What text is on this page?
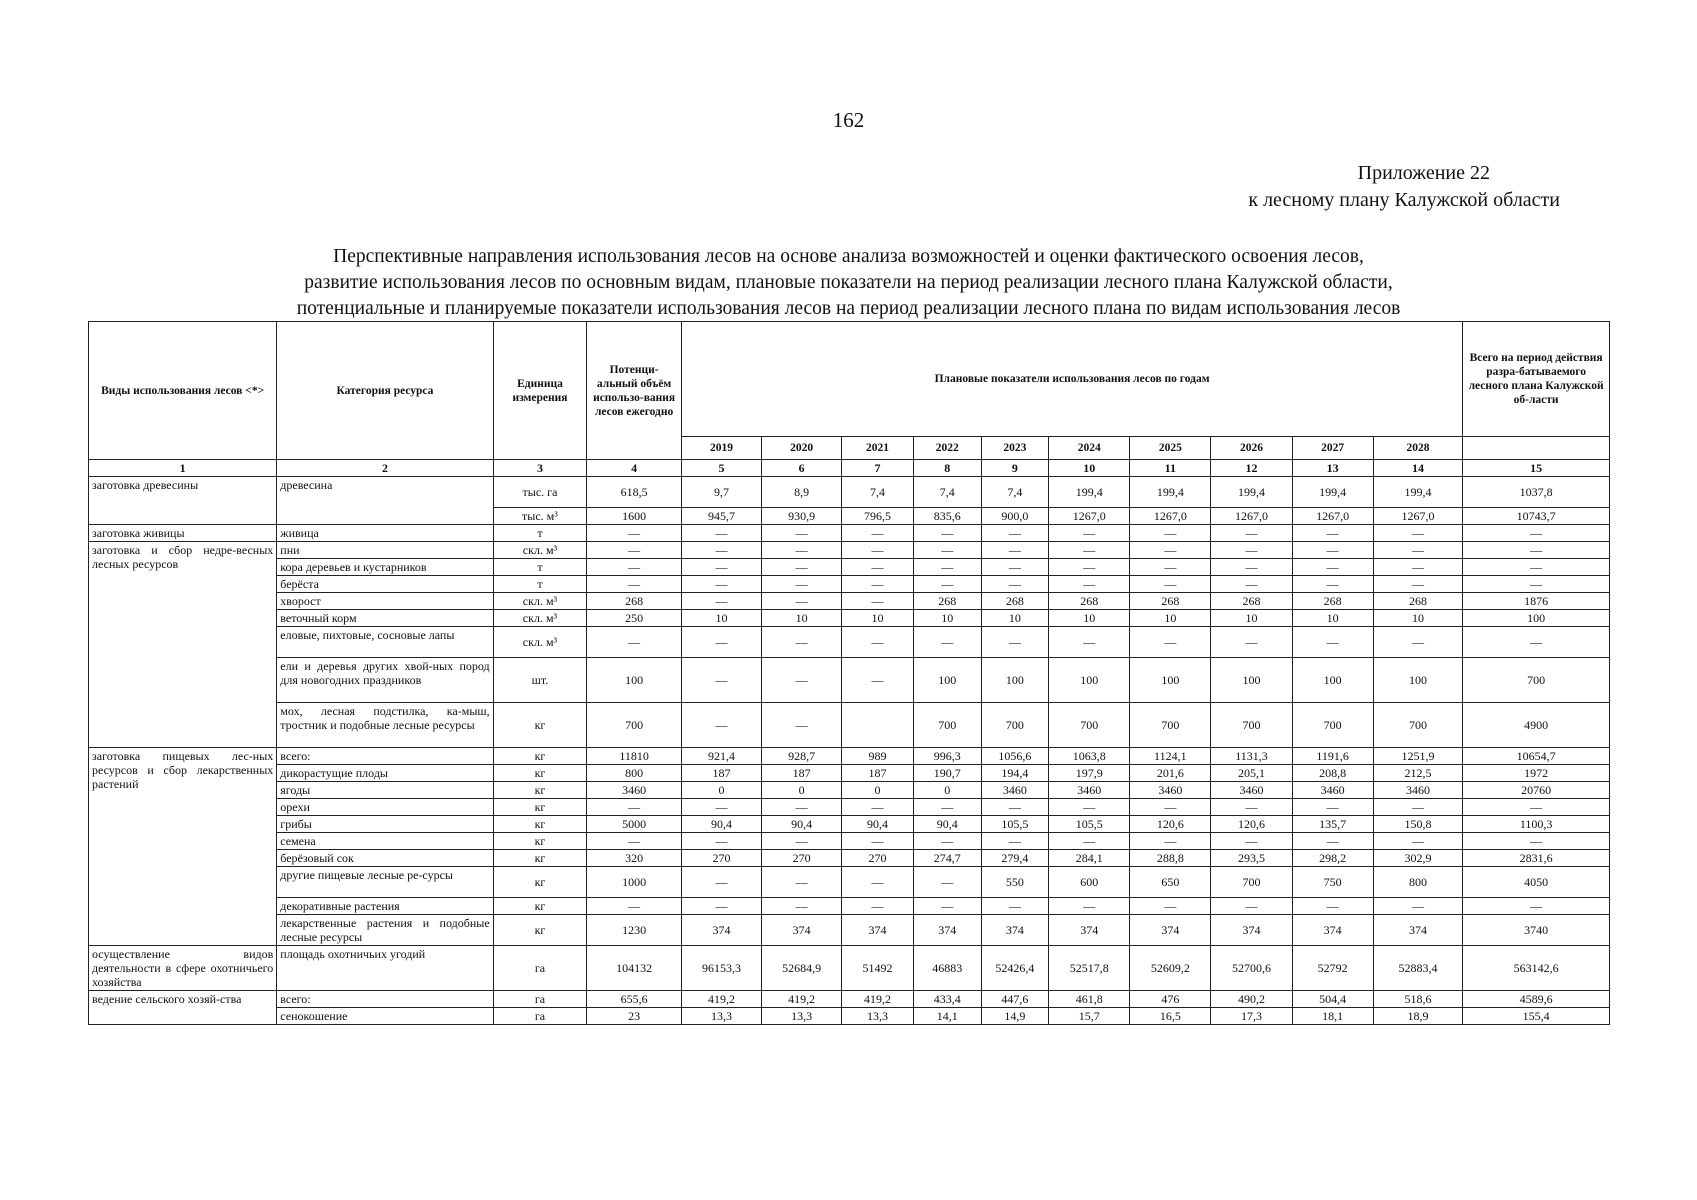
162
Приложение 22
к лесному плану Калужской области
Перспективные направления использования лесов на основе анализа возможностей и оценки фактического освоения лесов,
развитие использования лесов по основным видам, плановые показатели на период реализации лесного плана Калужской области,
потенциальные и планируемые показатели использования лесов на период реализации лесного плана по видам использования лесов
Виды использования лесов <*>	Категория ресурса	Единица измерения	Потенци-альный объём использо-вания лесов ежегодно	Плановые показатели использования лесов по годам										Всего на период действия разра-батываемого лесного плана Калужской об-ласти
				2019	2020	2021	2022	2023	2024	2025	2026	2027	2028	
1	2	3	4	5	6	7	8	9	10	11	12	13	14	15
заготовка древесины	древесина	тыс. га	618,5	9,7	8,9	7,4	7,4	7,4	199,4	199,4	199,4	199,4	199,4	1037,8
		тыс. м³	1600	945,7	930,9	796,5	835,6	900,0	1267,0	1267,0	1267,0	1267,0	1267,0	10743,7
заготовка живицы	живица	т	—	—	—	—	—	—	—	—	—	—	—	—
заготовка и сбор недре-весных лесных ресурсов	пни	скл. м³	—	—	—	—	—	—	—	—	—	—	—	—
	кора деревьев и кустарников	т	—	—	—	—	—	—	—	—	—	—	—	—
	берёста	т	—	—	—	—	—	—	—	—	—	—	—	—
	хворост	скл. м³	268	—	—	—	268	268	268	268	268	268	268	1876
	веточный корм	скл. м³	250	10	10	10	10	10	10	10	10	10	10	100
	еловые, пихтовые, сосновые лапы	скл. м³	—	—	—	—	—	—	—	—	—	—	—	—
	ели и деревья других хвой-ных пород для новогодних праздников	шт.	100	—	—	—	100	100	100	100	100	100	100	700
	мох, лесная подстилка, ка-мыш, тростник и подобные лесные ресурсы	кг	700	—	—		700	700	700	700	700	700	700	4900
заготовка пищевых лес-ных ресурсов и сбор лекарственных растений	всего:	кг	11810	921,4	928,7	989	996,3	1056,6	1063,8	1124,1	1131,3	1191,6	1251,9	10654,7
	дикорастущие плоды	кг	800	187	187	187	190,7	194,4	197,9	201,6	205,1	208,8	212,5	1972
	ягоды	кг	3460	0	0	0	0	3460	3460	3460	3460	3460	3460	20760
	орехи	кг	—	—	—	—	—	—	—	—	—	—	—	—
	грибы	кг	5000	90,4	90,4	90,4	90,4	105,5	105,5	120,6	120,6	135,7	150,8	1100,3
	семена	кг	—	—	—	—	—	—	—	—	—	—	—	—
	берёзовый сок	кг	320	270	270	270	274,7	279,4	284,1	288,8	293,5	298,2	302,9	2831,6
	другие пищевые лесные ре-сурсы	кг	1000	—	—	—	—	550	600	650	700	750	800	4050
	декоративные растения	кг	—	—	—	—	—	—	—	—	—	—	—	—
	лекарственные растения и подобные лесные ресурсы	кг	1230	374	374	374	374	374	374	374	374	374	374	3740
осуществление видов деятельности в сфере охотничьего хозяйства	площадь охотничьих угодий	га	104132	96153,3	52684,9	51492	46883	52426,4	52517,8	52609,2	52700,6	52792	52883,4	563142,6
ведение сельского хозяй-ства	всего:	га	655,6	419,2	419,2	419,2	433,4	447,6	461,8	476	490,2	504,4	518,6	4589,6
	сенокошение	га	23	13,3	13,3	13,3	14,1	14,9	15,7	16,5	17,3	18,1	18,9	155,4
